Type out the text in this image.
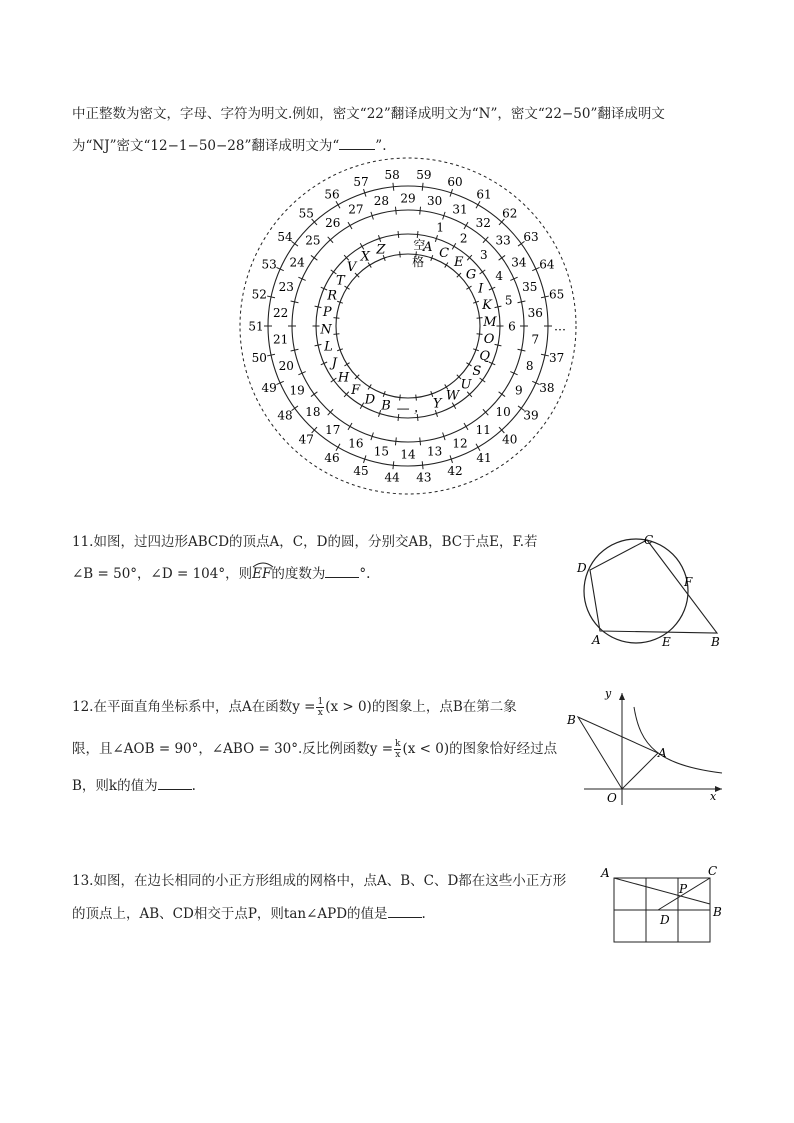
中正整数为密文，字母、字符为明文.例如，密文“22”翻译成明文为“N”，密文“22−50”翻译成明文
为“NJ”密文“12−1−50−28”翻译成明文为“	”.
61
62
63
64
65
…
37
38
39
40
41
42
43
44
45
46
47
48
49
50
51
52
53
54
55
56
57 58 59 60
31
32
33
34
35
36
7
8
9
10
11
12
13
14
15
16
17
18
19
20
21
22
23
24
25
26
27
28 29 30
1
2
3
4
5
6
A C
E
G
I
K
M
O
Q
S
U
W
Y
，
—
B
D
F
H
J
L
N
P
R
T
V
X Z 空
格
11.如图，过四边形ABCD的顶点A，C，D的圆，分别交AB，BC于点E，F.若
∠B = 50°，∠D = 104°，则
EF的度数为	°.
C
D
F
A	E	B
12.在平面直角坐标系中，点A在函数$y = \frac{1}{x} (x > 0)$的图象上，点B在第二象
限，且∠AOB = 90°，∠ABO = 30°.反比例函数$y = \frac{k}{x} (x < 0)$的图象恰好经过点
B，则k的值为	.
y
x
O
A
B
13.如图，在边长相同的小正方形组成的网格中，点A、B、C、D都在这些小正方形
的顶点上，AB、CD相交于点P，则tan∠APD的值是	.
A	C
B
D
P
